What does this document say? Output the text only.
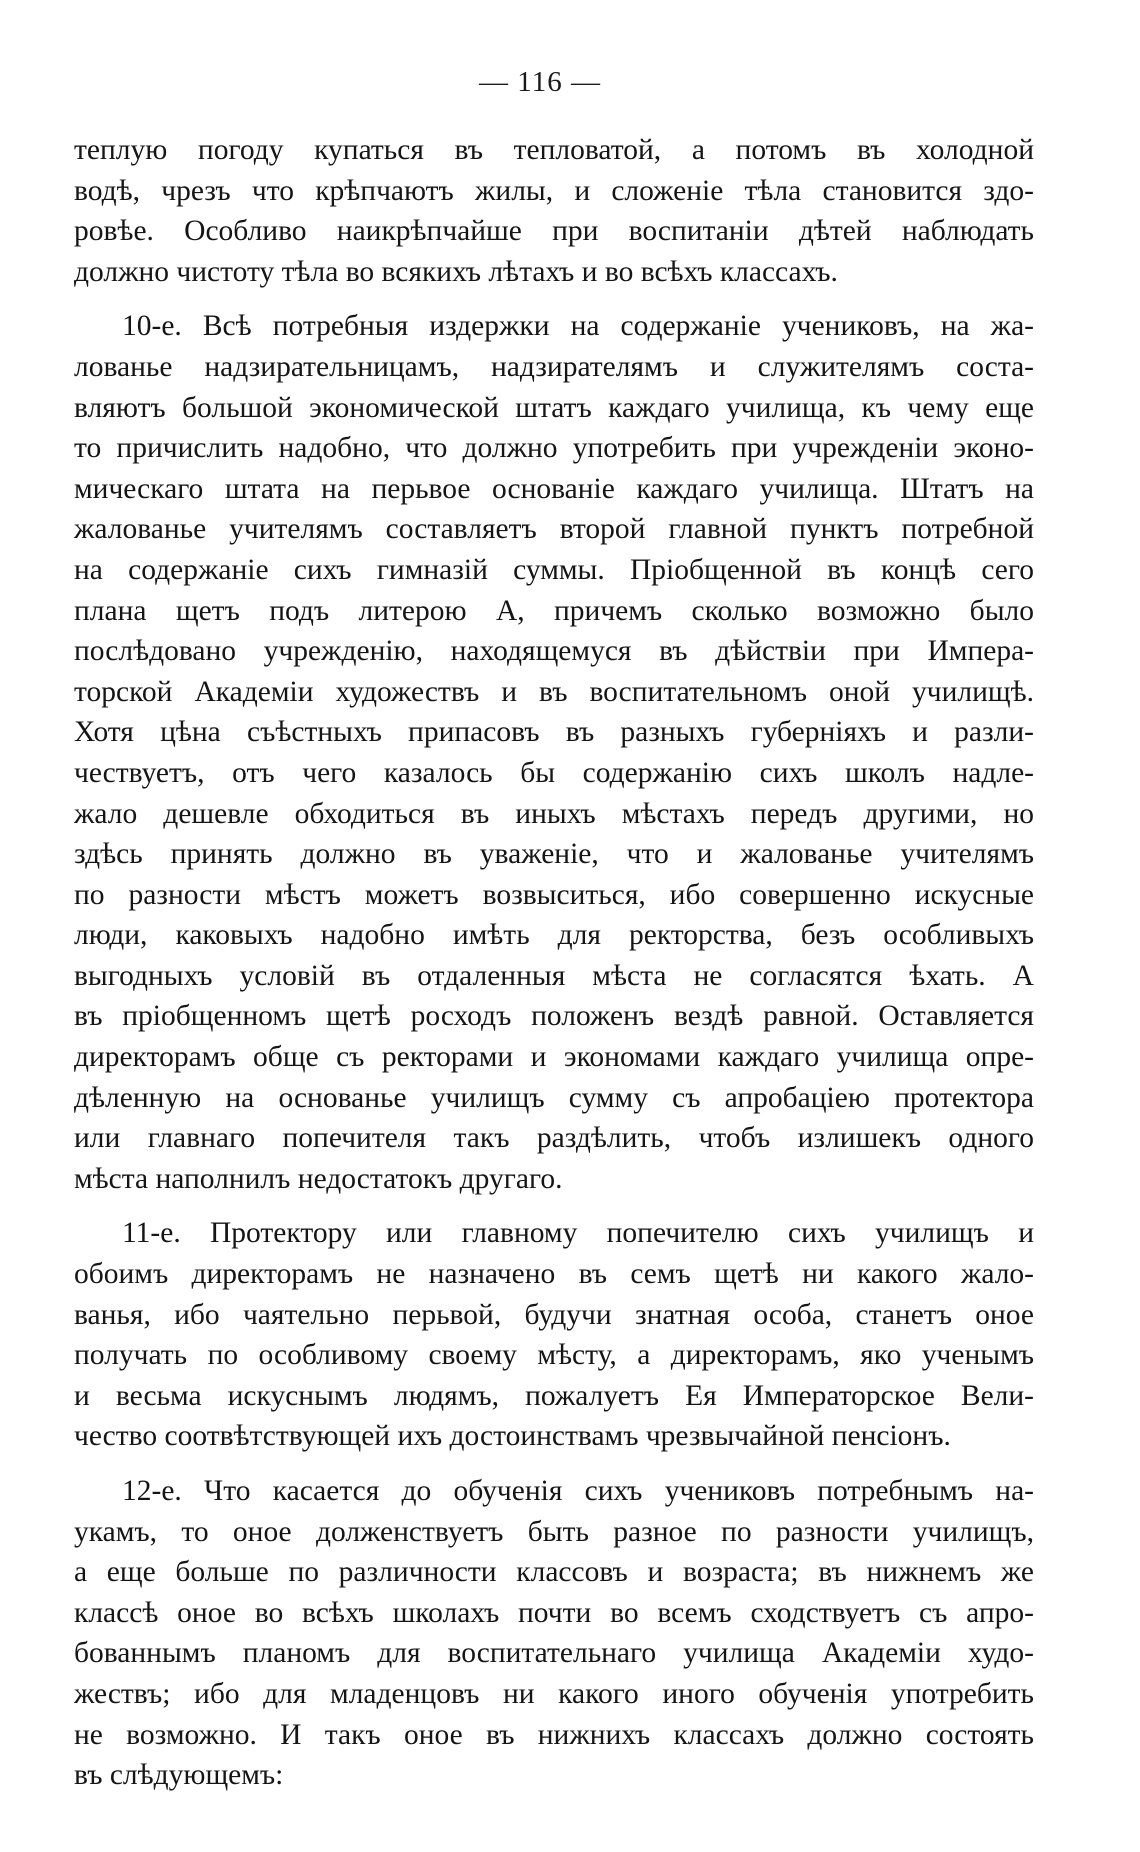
— 116 —
теплую погоду купаться въ тепловатой, а потомъ въ холодной
водѣ, чрезъ что крѣпчаютъ жилы, и сложеніе тѣла становится здо-
ровѣе. Особливо наикрѣпчайше при воспитаніи дѣтей наблюдать
должно чистоту тѣла во всякихъ лѣтахъ и во всѣхъ классахъ.
10-е. Всѣ потребныя издержки на содержаніе учениковъ, на жа-
лованье надзирательницамъ, надзирателямъ и служителямъ соста-
вляютъ большой экономической штатъ каждаго училища, къ чему еще
то причислить надобно, что должно употребить при учрежденіи эконо-
мическаго штата на перьвое основаніе каждаго училища. Штатъ на
жалованье учителямъ составляетъ второй главной пунктъ потребной
на содержаніе сихъ гимназій суммы. Пріобщенной въ концѣ сего
плана щетъ подъ литерою А, причемъ сколько возможно было
послѣдовано учрежденію, находящемуся въ дѣйствіи при Импера-
торской Академіи художествъ и въ воспитательномъ оной училищѣ.
Хотя цѣна съѣстныхъ припасовъ въ разныхъ губерніяхъ и разли-
чествуетъ, отъ чего казалось бы содержанію сихъ школъ надле-
жало дешевле обходиться въ иныхъ мѣстахъ передъ другими, но
здѣсь принять должно въ уваженіе, что и жалованье учителямъ
по разности мѣстъ можетъ возвыситься, ибо совершенно искусные
люди, каковыхъ надобно имѣть для ректорства, безъ особливыхъ
выгодныхъ условій въ отдаленныя мѣста не согласятся ѣхать. А
въ пріобщенномъ щетѣ росходъ положенъ вездѣ равной. Оставляется
директорамъ обще съ ректорами и экономами каждаго училища опре-
дѣленную на основанье училищъ сумму съ апробаціею протектора
или главнаго попечителя такъ раздѣлить, чтобъ излишекъ одного
мѣста наполнилъ недостатокъ другаго.
11-е. Протектору или главному попечителю сихъ училищъ и
обоимъ директорамъ не назначено въ семъ щетѣ ни какого жало-
ванья, ибо чаятельно перьвой, будучи знатная особа, станетъ оное
получать по особливому своему мѣсту, а директорамъ, яко ученымъ
и весьма искуснымъ людямъ, пожалуетъ Ея Императорское Вели-
чество соотвѣтствующей ихъ достоинствамъ чрезвычайной пенсіонъ.
12-е. Что касается до обученія сихъ учениковъ потребнымъ на-
укамъ, то оное долженствуетъ быть разное по разности училищъ,
а еще больше по различности классовъ и возраста; въ нижнемъ же
классѣ оное во всѣхъ школахъ почти во всемъ сходствуетъ съ апро-
бованнымъ планомъ для воспитательнаго училища Академіи худо-
жествъ; ибо для младенцовъ ни какого иного обученія употребить
не возможно. И такъ оное въ нижнихъ классахъ должно состоять
въ слѣдующемъ:
